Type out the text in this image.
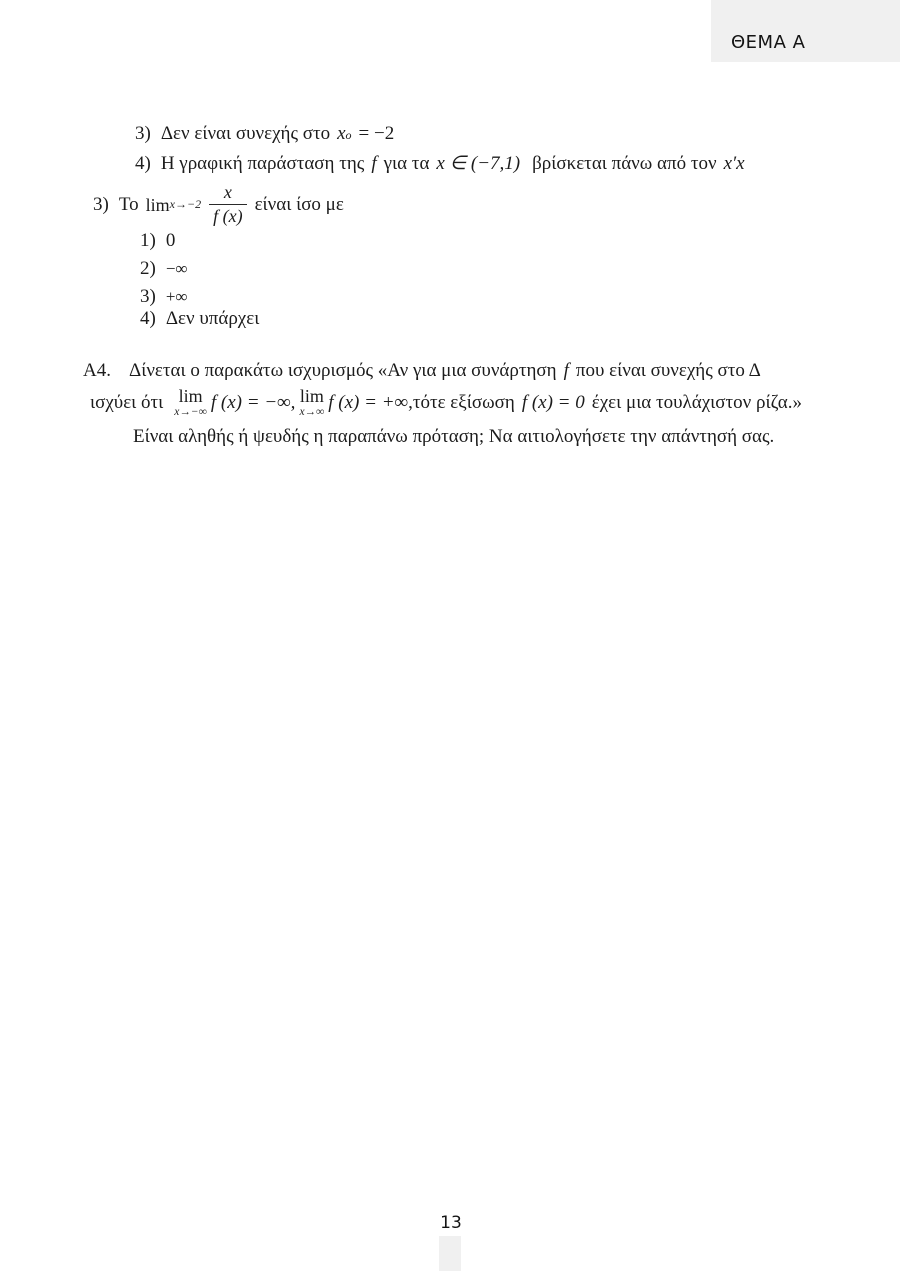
ΘΕΜΑ Α
3) Δεν είναι συνεχής στο x o = −2
4) Η γραφική παράσταση της f για τα x ∈ (−7,1) βρίσκεται πάνω από τον x′x
3) Το $\lim x\to-2 \frac{x}{f (x)}$ είναι ίσο με
1) 0
2) −∞
3) +∞
4) Δεν υπάρχει
Α4. Δίνεται ο παρακάτω ισχυρισμός «Αν για μια συνάρτηση f που είναι συνεχής στο Δ
ισχύει ότι lim
x→−∞ f (x) = −∞, lim
x→∞ f (x) = +∞ ,τότε εξίσωση f (x) = 0 έχει μια τουλάχιστον ρίζα.»
Είναι αληθής ή ψευδής η παραπάνω πρόταση; Να αιτιολογήσετε την απάντησή σας.
13
